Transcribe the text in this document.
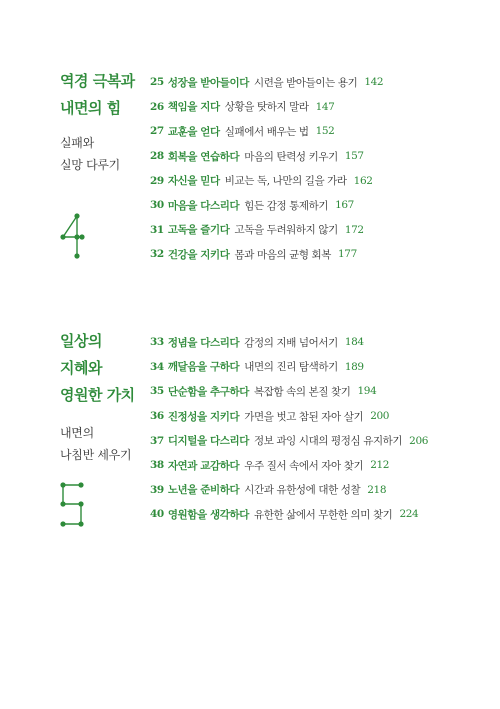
역경 극복과
내면의 힘

실패와
실망 다루기

25 성장을 받아들이다 시련을 받아들이는 용기 142
26 책임을 지다 상황을 탓하지 말라 147
27 교훈을 얻다 실패에서 배우는 법 152
28 회복을 연습하다 마음의 탄력성 키우기 157
29 자신을 믿다 비교는 독, 나만의 길을 가라 162
30 마음을 다스리다 힘든 감정 통제하기 167
31 고독을 즐기다 고독을 두려워하지 않기 172
32 건강을 지키다 몸과 마음의 균형 회복 177
일상의
지혜와
영원한 가치

내면의
나침반 세우기

33 정념을 다스리다 감정의 지배 넘어서기 184
34 깨달음을 구하다 내면의 진리 탐색하기 189
35 단순함을 추구하다 복잡함 속의 본질 찾기 194
36 진정성을 지키다 가면을 벗고 참된 자아 살기 200
37 디지털을 다스리다 정보 과잉 시대의 평정심 유지하기 206
38 자연과 교감하다 우주 질서 속에서 자아 찾기 212
39 노년을 준비하다 시간과 유한성에 대한 성찰 218
40 영원함을 생각하다 유한한 삶에서 무한한 의미 찾기 224
